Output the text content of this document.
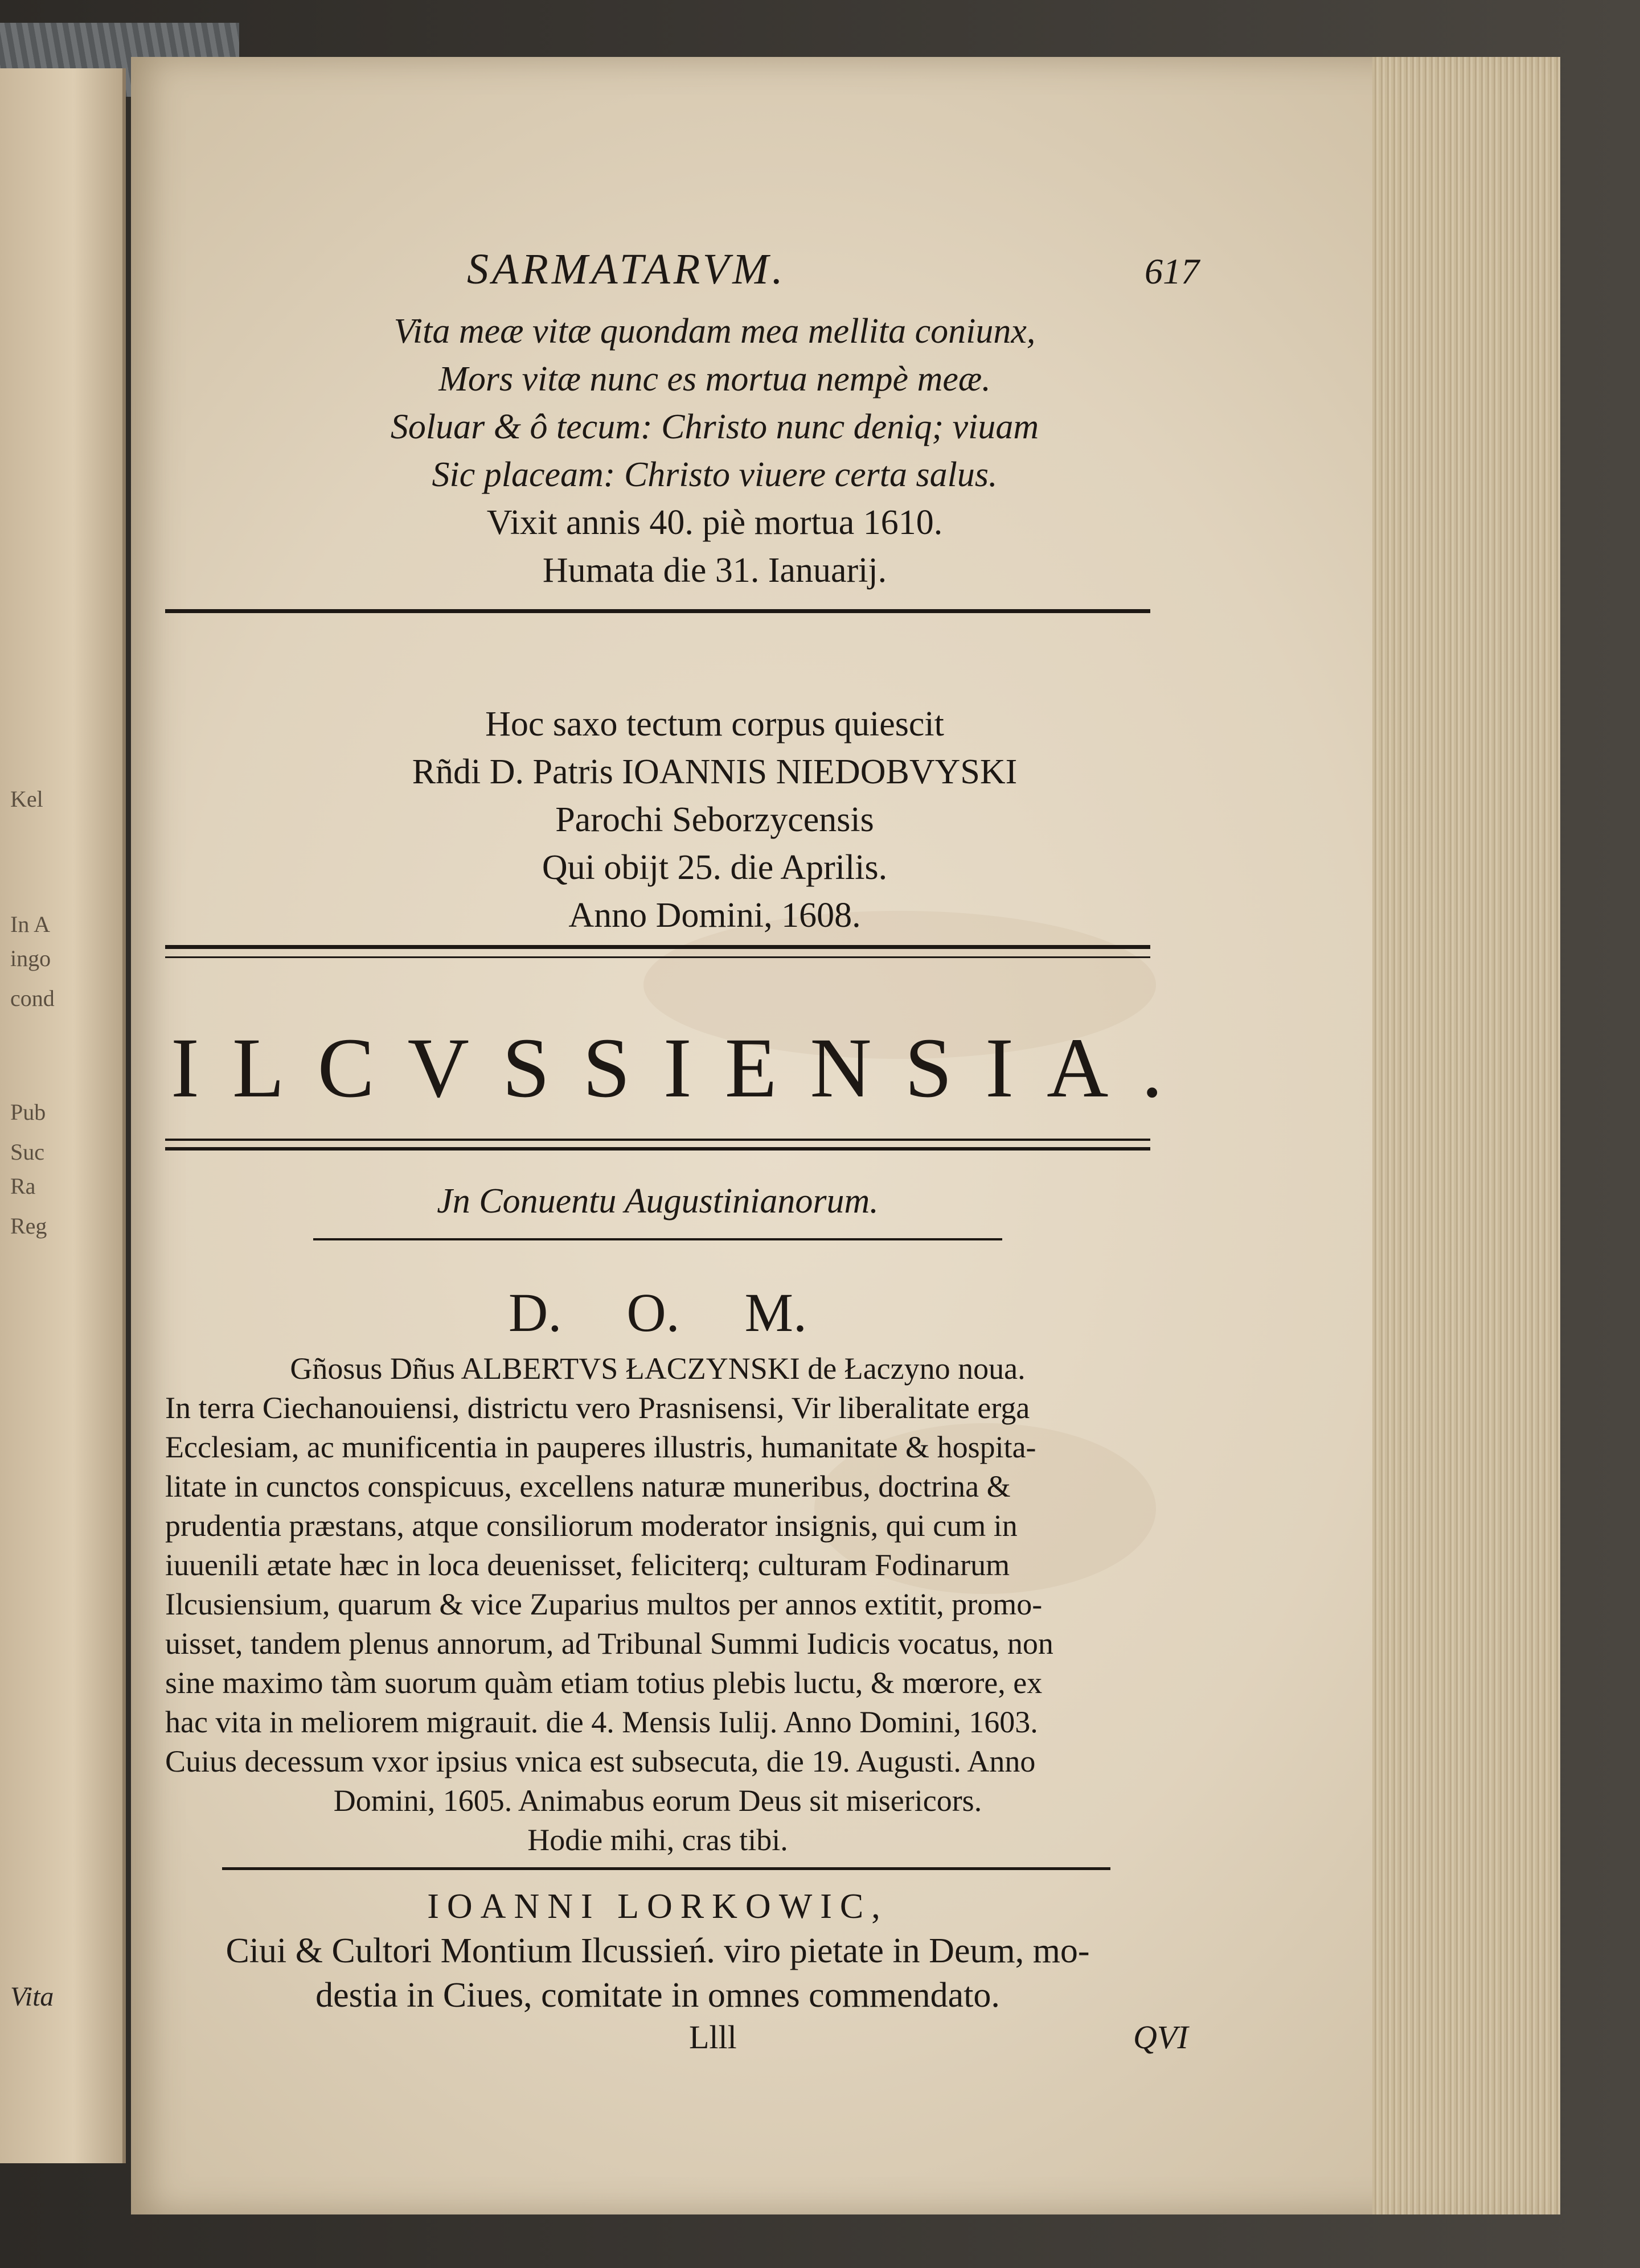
Kel
In A
ingo
cond
Pub
Suc
Ra
Reg
Vita
SARMATARVM.	617
Vita meæ vitæ quondam mea mellita coniunx,
Mors vitæ nunc es mortua nempè meæ.
Soluar & ô tecum: Christo nunc deniq; viuam
Sic placeam: Christo viuere certa salus.
Vixit annis 40. piè mortua 1610.
Humata die 31. Ianuarij.
Hoc saxo tectum corpus quiescit
Rñdi D. Patris IOANNIS NIEDOBVYSKI
Parochi Seborzycensis
Qui obijt 25. die Aprilis.
Anno Domini, 1608.
ILCVSSIENSIA.
Jn Conuentu Augustinianorum.
D. O. M.
Gñosus Dñus ALBERTVS ŁACZYNSKI de Łaczyno noua.
In terra Ciechanouiensi, districtu vero Prasnisensi, Vir liberalitate erga
Ecclesiam, ac munificentia in pauperes illustris, humanitate & hospita-
litate in cunctos conspicuus, excellens naturæ muneribus, doctrina &
prudentia præstans, atque consiliorum moderator insignis, qui cum in
iuuenili ætate hæc in loca deuenisset, feliciterq; culturam Fodinarum
Ilcusiensium, quarum & vice Zuparius multos per annos extitit, promo-
uisset, tandem plenus annorum, ad Tribunal Summi Iudicis vocatus, non
sine maximo tàm suorum quàm etiam totius plebis luctu, & mœrore, ex
hac vita in meliorem migrauit. die 4. Mensis Iulij. Anno Domini, 1603.
Cuius decessum vxor ipsius vnica est subsecuta, die 19. Augusti. Anno
Domini, 1605. Animabus eorum Deus sit misericors.
Hodie mihi, cras tibi.
IOANNI LORKOWIC,
Ciui & Cultori Montium Ilcussień. viro pietate in Deum, mo-
destia in Ciues, comitate in omnes commendato.
Llll	QVI
